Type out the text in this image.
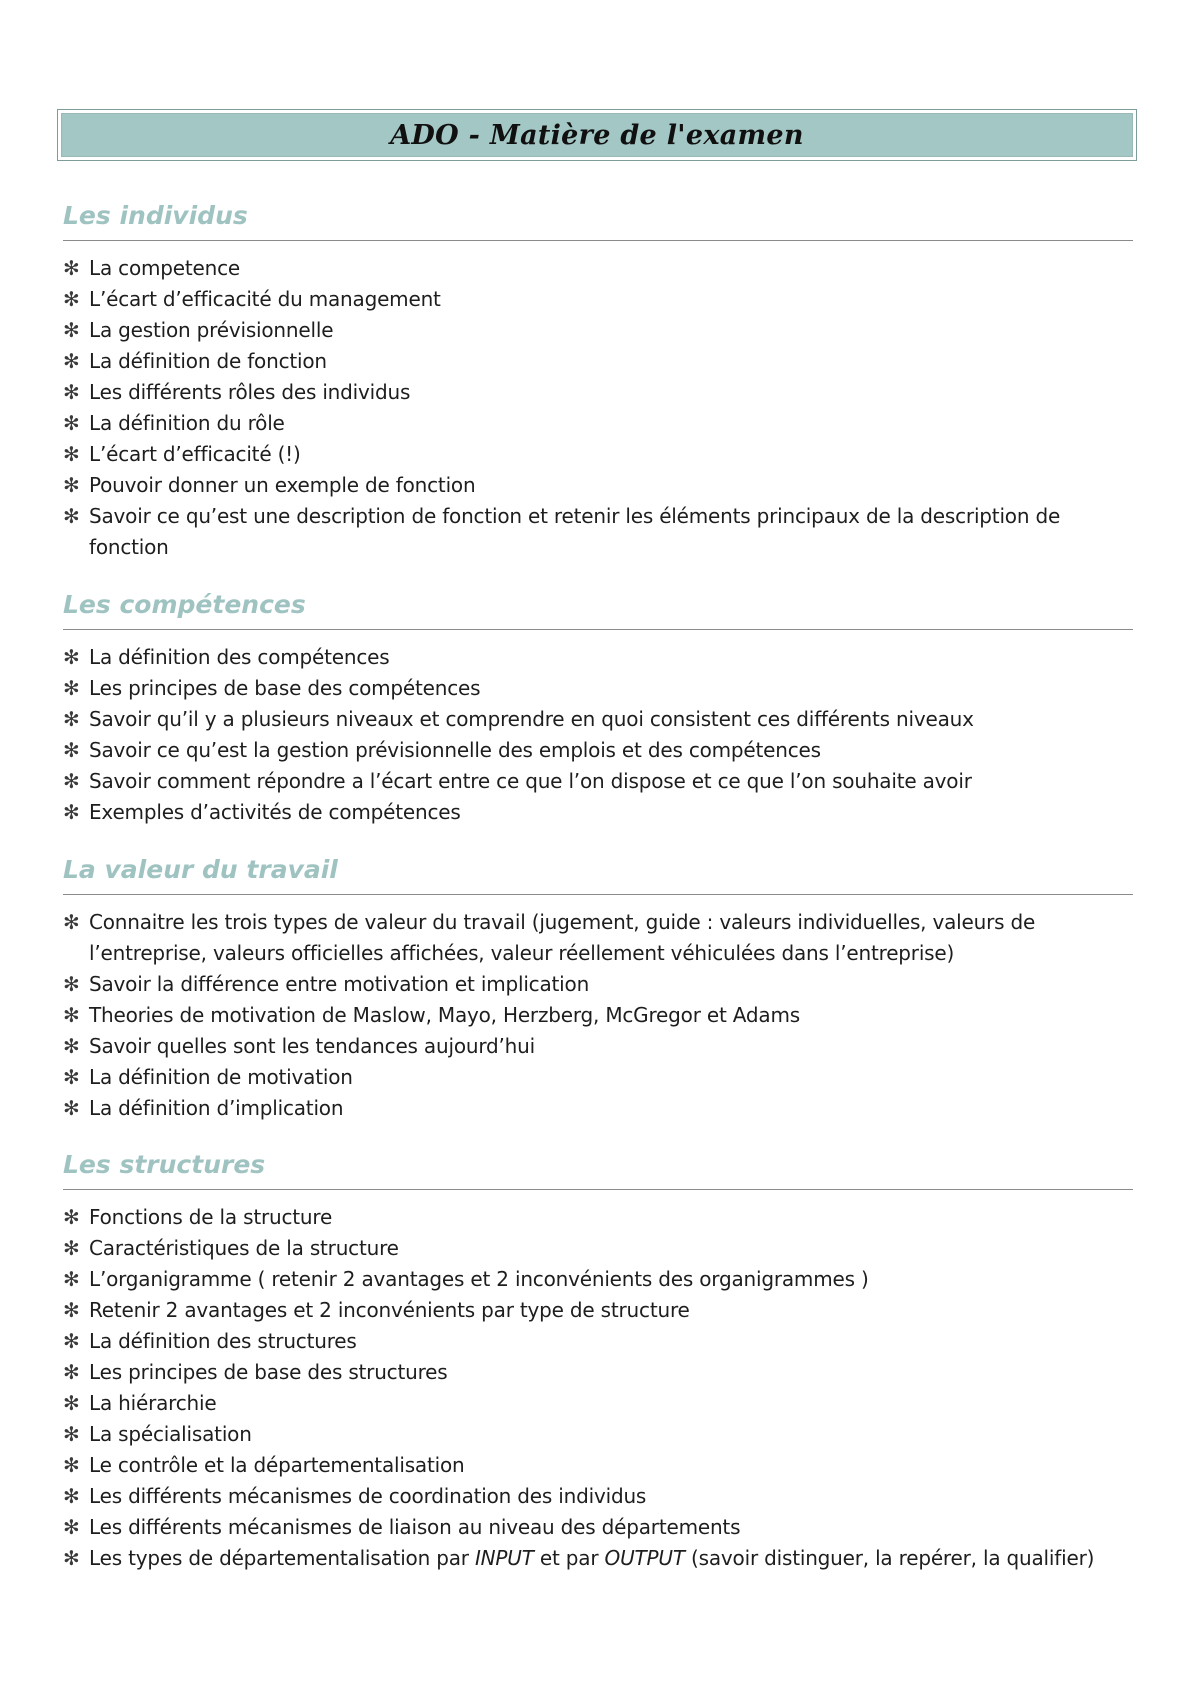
ADO - Matière de l'examen
Les individus
✻ La competence
✻ L’écart d’efficacité du management
✻ La gestion prévisionnelle
✻ La définition de fonction
✻ Les différents rôles des individus
✻ La définition du rôle
✻ L’écart d’efficacité (!)
✻ Pouvoir donner un exemple de fonction
✻ Savoir ce qu’est une description de fonction et retenir les éléments principaux de la description de fonction
Les compétences
✻ La définition des compétences
✻ Les principes de base des compétences
✻ Savoir qu’il y a plusieurs niveaux et comprendre en quoi consistent ces différents niveaux
✻ Savoir ce qu’est la gestion prévisionnelle des emplois et des compétences
✻ Savoir comment répondre a l’écart entre ce que l’on dispose et ce que l’on souhaite avoir
✻ Exemples d’activités de compétences
La valeur du travail
✻ Connaitre les trois types de valeur du travail (jugement, guide : valeurs individuelles, valeurs de l’entreprise, valeurs officielles affichées, valeur réellement véhiculées dans l’entreprise)
✻ Savoir la différence entre motivation et implication
✻ Theories de motivation de Maslow, Mayo, Herzberg, McGregor et Adams
✻ Savoir quelles sont les tendances aujourd’hui
✻ La définition de motivation
✻ La définition d’implication
Les structures
✻ Fonctions de la structure
✻ Caractéristiques de la structure
✻ L’organigramme ( retenir 2 avantages et 2 inconvénients des organigrammes )
✻ Retenir 2 avantages et 2 inconvénients par type de structure
✻ La définition des structures
✻ Les principes de base des structures
✻ La hiérarchie
✻ La spécialisation
✻ Le contrôle et la départementalisation
✻ Les différents mécanismes de coordination des individus
✻ Les différents mécanismes de liaison au niveau des départements
✻ Les types de départementalisation par INPUT et par OUTPUT (savoir distinguer, la repérer, la qualifier)
